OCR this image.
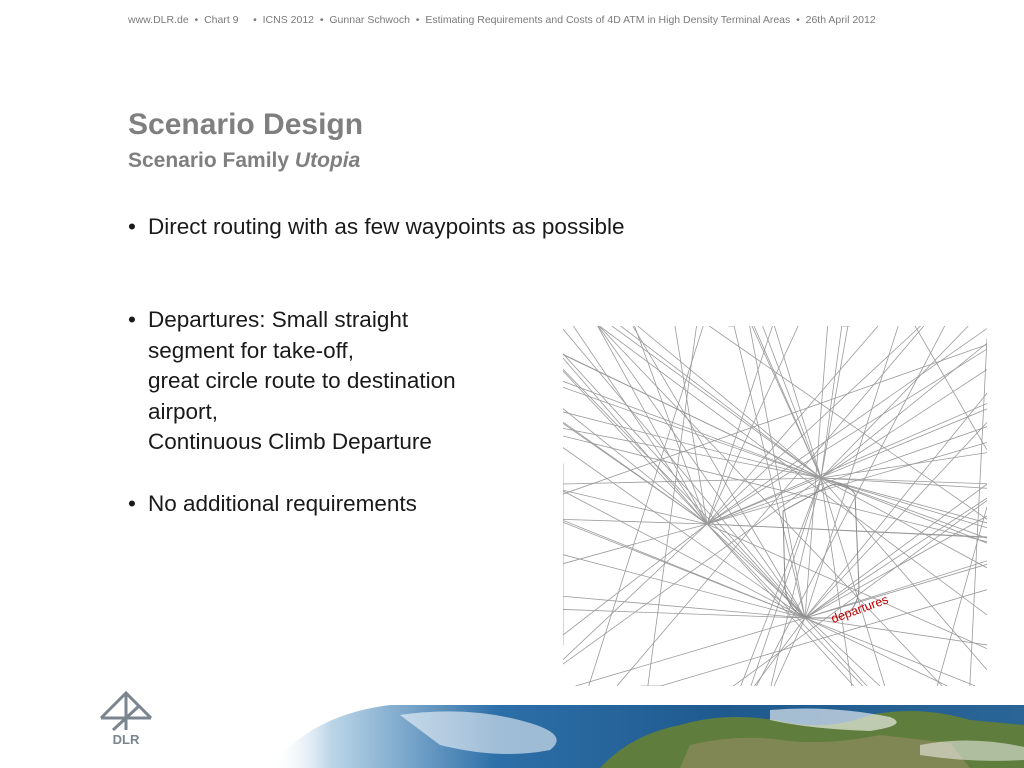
www.DLR.de • Chart 9 • ICNS 2012 • Gunnar Schwoch • Estimating Requirements and Costs of 4D ATM in High Density Terminal Areas • 26th April 2012
Scenario Design
Scenario Family Utopia
• Direct routing with as few waypoints as possible
• Departures: Small straight
segment for take-off,
great circle route to destination
airport,
Continuous Climb Departure
• No additional requirements
departures
DLR
